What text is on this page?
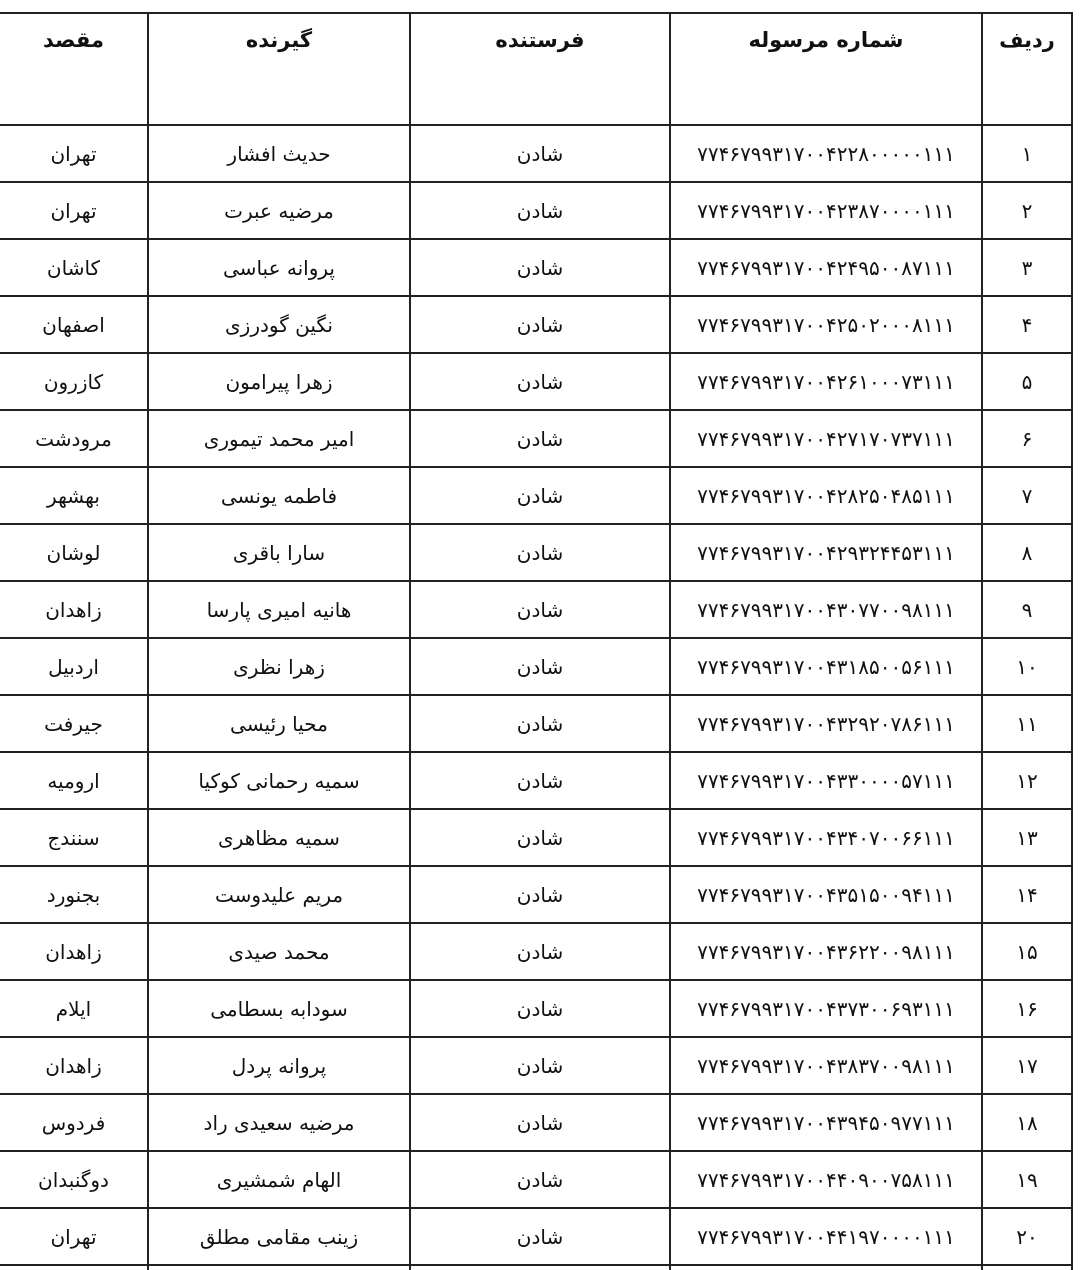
ردیف	شماره مرسوله	فرستنده	گیرنده	مقصد
۱	۷۷۴۶۷۹۹۳۱۷۰۰۴۲۲۸۰۰۰۰۰۱۱۱	شادن	حدیث افشار	تهران
۲	۷۷۴۶۷۹۹۳۱۷۰۰۴۲۳۸۷۰۰۰۰۱۱۱	شادن	مرضیه عبرت	تهران
۳	۷۷۴۶۷۹۹۳۱۷۰۰۴۲۴۹۵۰۰۸۷۱۱۱	شادن	پروانه عباسی	کاشان
۴	۷۷۴۶۷۹۹۳۱۷۰۰۴۲۵۰۲۰۰۰۸۱۱۱	شادن	نگین گودرزی	اصفهان
۵	۷۷۴۶۷۹۹۳۱۷۰۰۴۲۶۱۰۰۰۷۳۱۱۱	شادن	زهرا پیرامون	کازرون
۶	۷۷۴۶۷۹۹۳۱۷۰۰۴۲۷۱۷۰۷۳۷۱۱۱	شادن	امیر محمد تیموری	مرودشت
۷	۷۷۴۶۷۹۹۳۱۷۰۰۴۲۸۲۵۰۴۸۵۱۱۱	شادن	فاطمه یونسی	بهشهر
۸	۷۷۴۶۷۹۹۳۱۷۰۰۴۲۹۳۲۴۴۵۳۱۱۱	شادن	سارا باقری	لوشان
۹	۷۷۴۶۷۹۹۳۱۷۰۰۴۳۰۷۷۰۰۹۸۱۱۱	شادن	هانیه امیری پارسا	زاهدان
۱۰	۷۷۴۶۷۹۹۳۱۷۰۰۴۳۱۸۵۰۰۵۶۱۱۱	شادن	زهرا نظری	اردبیل
۱۱	۷۷۴۶۷۹۹۳۱۷۰۰۴۳۲۹۲۰۷۸۶۱۱۱	شادن	محیا رئیسی	جیرفت
۱۲	۷۷۴۶۷۹۹۳۱۷۰۰۴۳۳۰۰۰۰۵۷۱۱۱	شادن	سمیه رحمانی کوکیا	ارومیه
۱۳	۷۷۴۶۷۹۹۳۱۷۰۰۴۳۴۰۷۰۰۶۶۱۱۱	شادن	سمیه مظاهری	سنندج
۱۴	۷۷۴۶۷۹۹۳۱۷۰۰۴۳۵۱۵۰۰۹۴۱۱۱	شادن	مریم علیدوست	بجنورد
۱۵	۷۷۴۶۷۹۹۳۱۷۰۰۴۳۶۲۲۰۰۹۸۱۱۱	شادن	محمد صیدی	زاهدان
۱۶	۷۷۴۶۷۹۹۳۱۷۰۰۴۳۷۳۰۰۶۹۳۱۱۱	شادن	سودابه بسطامی	ایلام
۱۷	۷۷۴۶۷۹۹۳۱۷۰۰۴۳۸۳۷۰۰۹۸۱۱۱	شادن	پروانه پردل	زاهدان
۱۸	۷۷۴۶۷۹۹۳۱۷۰۰۴۳۹۴۵۰۹۷۷۱۱۱	شادن	مرضیه سعیدی راد	فردوس
۱۹	۷۷۴۶۷۹۹۳۱۷۰۰۴۴۰۹۰۰۷۵۸۱۱۱	شادن	الهام شمشیری	دوگنبدان
۲۰	۷۷۴۶۷۹۹۳۱۷۰۰۴۴۱۹۷۰۰۰۰۱۱۱	شادن	زینب مقامی مطلق	تهران
